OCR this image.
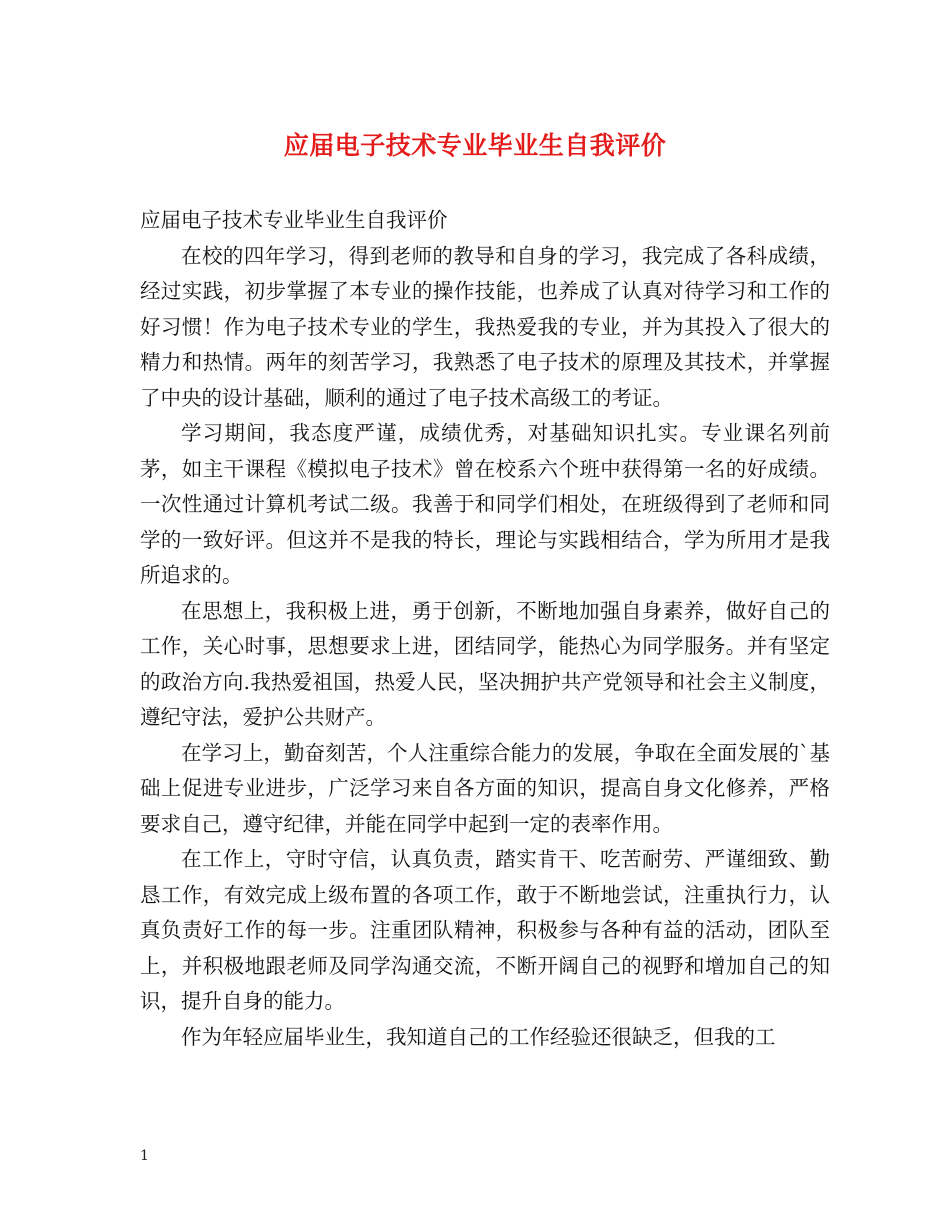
应届电子技术专业毕业生自我评价

应届电子技术专业毕业生自我评价

在校的四年学习，得到老师的教导和自身的学习，我完成了各科成绩，经过实践，初步掌握了本专业的操作技能，也养成了认真对待学习和工作的好习惯！作为电子技术专业的学生，我热爱我的专业，并为其投入了很大的精力和热情。两年的刻苦学习，我熟悉了电子技术的原理及其技术，并掌握了中央的设计基础，顺利的通过了电子技术高级工的考证。

学习期间，我态度严谨，成绩优秀，对基础知识扎实。专业课名列前茅，如主干课程《模拟电子技术》曾在校系六个班中获得第一名的好成绩。一次性通过计算机考试二级。我善于和同学们相处，在班级得到了老师和同学的一致好评。但这并不是我的特长，理论与实践相结合，学为所用才是我所追求的。

在思想上，我积极上进，勇于创新，不断地加强自身素养，做好自己的工作，关心时事，思想要求上进，团结同学，能热心为同学服务。并有坚定的政治方向.我热爱祖国，热爱人民，坚决拥护共产党领导和社会主义制度，遵纪守法，爱护公共财产。

在学习上，勤奋刻苦，个人注重综合能力的发展，争取在全面发展的`基础上促进专业进步，广泛学习来自各方面的知识，提高自身文化修养，严格要求自己，遵守纪律，并能在同学中起到一定的表率作用。

在工作上，守时守信，认真负责，踏实肯干、吃苦耐劳、严谨细致、勤恳工作，有效完成上级布置的各项工作，敢于不断地尝试，注重执行力，认真负责好工作的每一步。注重团队精神，积极参与各种有益的活动，团队至上，并积极地跟老师及同学沟通交流，不断开阔自己的视野和增加自己的知识，提升自身的能力。

作为年轻应届毕业生，我知道自己的工作经验还很缺乏，但我的工

1
